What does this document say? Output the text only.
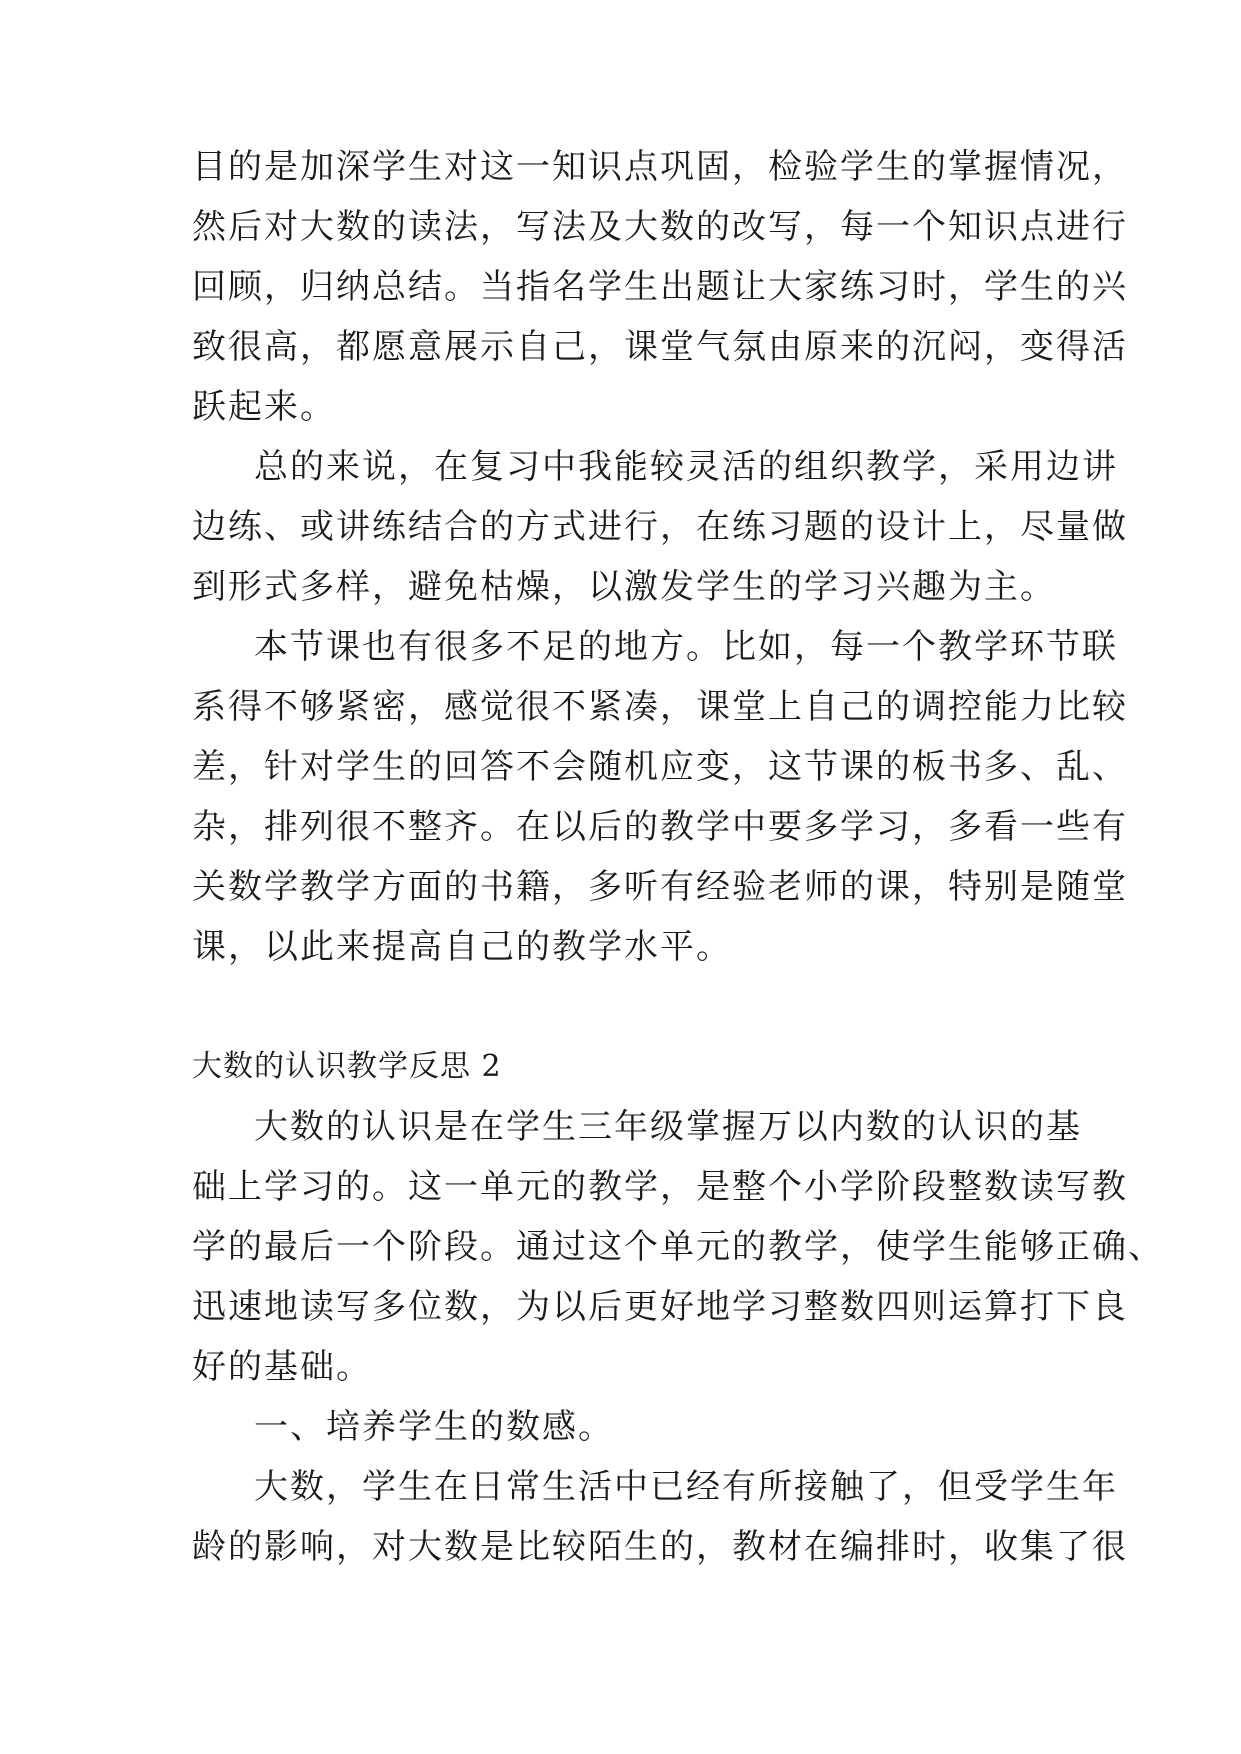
目的是加深学生对这一知识点巩固，检验学生的掌握情况，
然后对大数的读法，写法及大数的改写，每一个知识点进行
回顾，归纳总结。当指名学生出题让大家练习时，学生的兴
致很高，都愿意展示自己，课堂气氛由原来的沉闷，变得活
跃起来。
总的来说，在复习中我能较灵活的组织教学，采用边讲
边练、或讲练结合的方式进行，在练习题的设计上，尽量做
到形式多样，避免枯燥，以激发学生的学习兴趣为主。
本节课也有很多不足的地方。比如，每一个教学环节联
系得不够紧密，感觉很不紧凑，课堂上自己的调控能力比较
差，针对学生的回答不会随机应变，这节课的板书多、乱、
杂，排列很不整齐。在以后的教学中要多学习，多看一些有
关数学教学方面的书籍，多听有经验老师的课，特别是随堂
课，以此来提高自己的教学水平。
大数的认识教学反思 2
大数的认识是在学生三年级掌握万以内数的认识的基
础上学习的。这一单元的教学，是整个小学阶段整数读写教
学的最后一个阶段。通过这个单元的教学，使学生能够正确、
迅速地读写多位数，为以后更好地学习整数四则运算打下良
好的基础。
一、培养学生的数感。
大数，学生在日常生活中已经有所接触了，但受学生年
龄的影响，对大数是比较陌生的，教材在编排时，收集了很
